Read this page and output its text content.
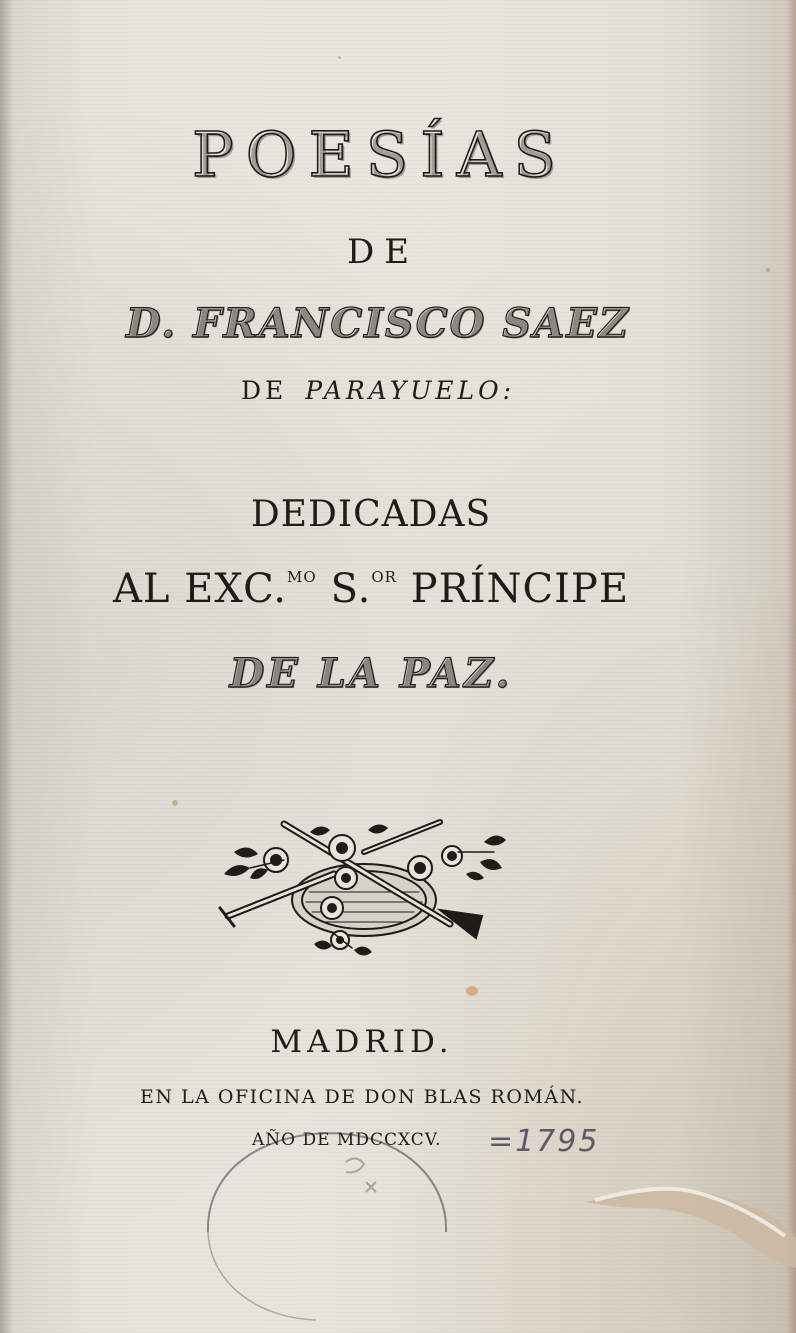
POESÍAS
DE
D. FRANCISCO SAEZ
DE PARAYUELO:
DEDICADAS
AL EXC.$^{MO}$ S.$^{OR}$ PRÍNCIPE
DE LA PAZ.
MADRID.
EN LA OFICINA DE DON BLAS ROMÁN.
AÑO DE MDCCXCV. =1795
